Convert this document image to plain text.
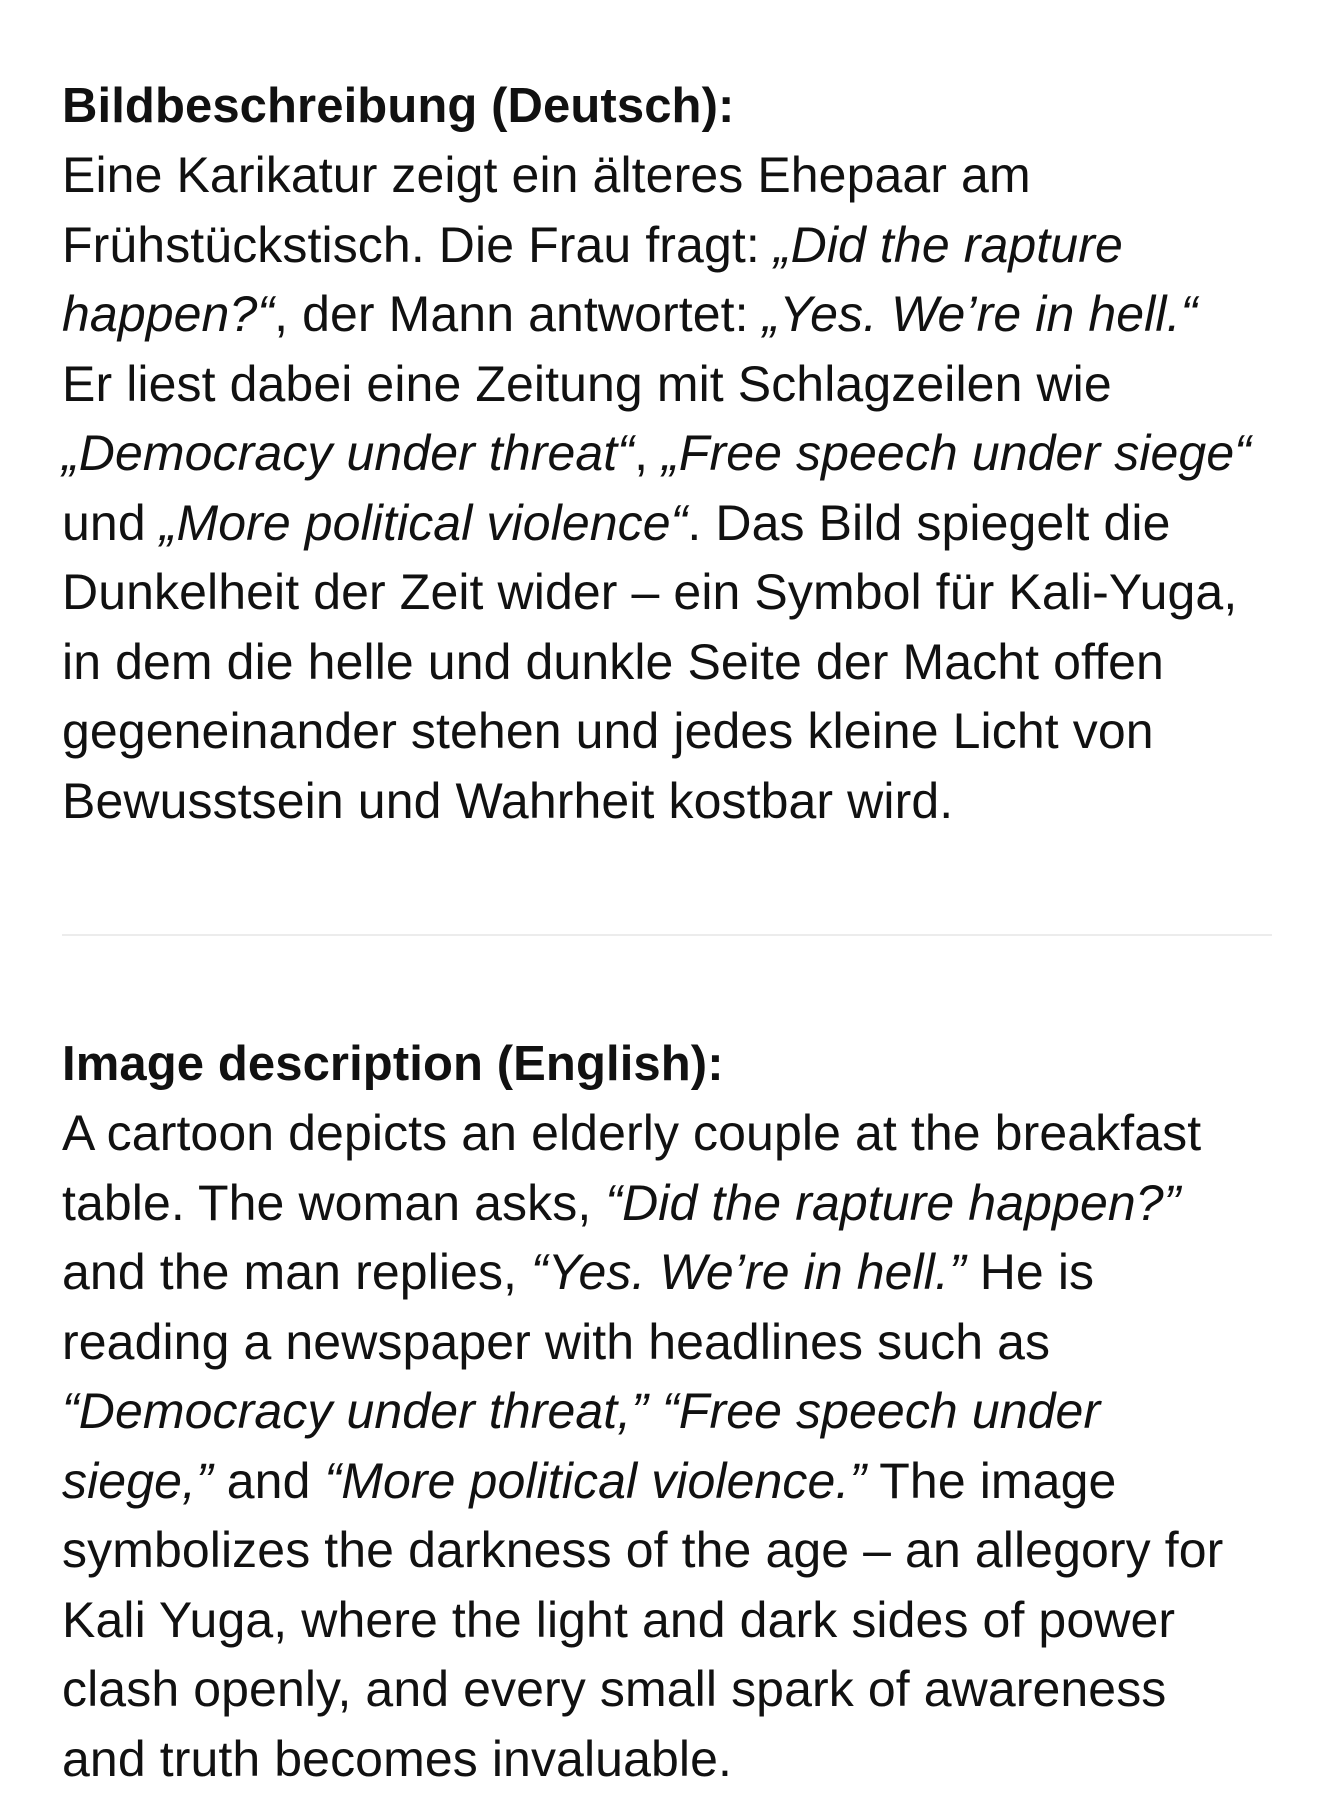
Bildbeschreibung (Deutsch):

Eine Karikatur zeigt ein älteres Ehepaar am Frühstückstisch. Die Frau fragt: „Did the rapture happen?“, der Mann antwortet: „Yes. We’re in hell.“ Er liest dabei eine Zeitung mit Schlagzeilen wie „Democracy under threat“, „Free speech under siege“ und „More political violence“. Das Bild spiegelt die Dunkelheit der Zeit wider – ein Symbol für Kali-Yuga, in dem die helle und dunkle Seite der Macht offen gegeneinander stehen und jedes kleine Licht von Bewusstsein und Wahrheit kostbar wird.

Image description (English):

A cartoon depicts an elderly couple at the breakfast table. The woman asks, “Did the rapture happen?” and the man replies, “Yes. We’re in hell.” He is reading a newspaper with headlines such as “Democracy under threat,” “Free speech under siege,” and “More political violence.” The image symbolizes the darkness of the age – an allegory for Kali Yuga, where the light and dark sides of power clash openly, and every small spark of awareness and truth becomes invaluable.
